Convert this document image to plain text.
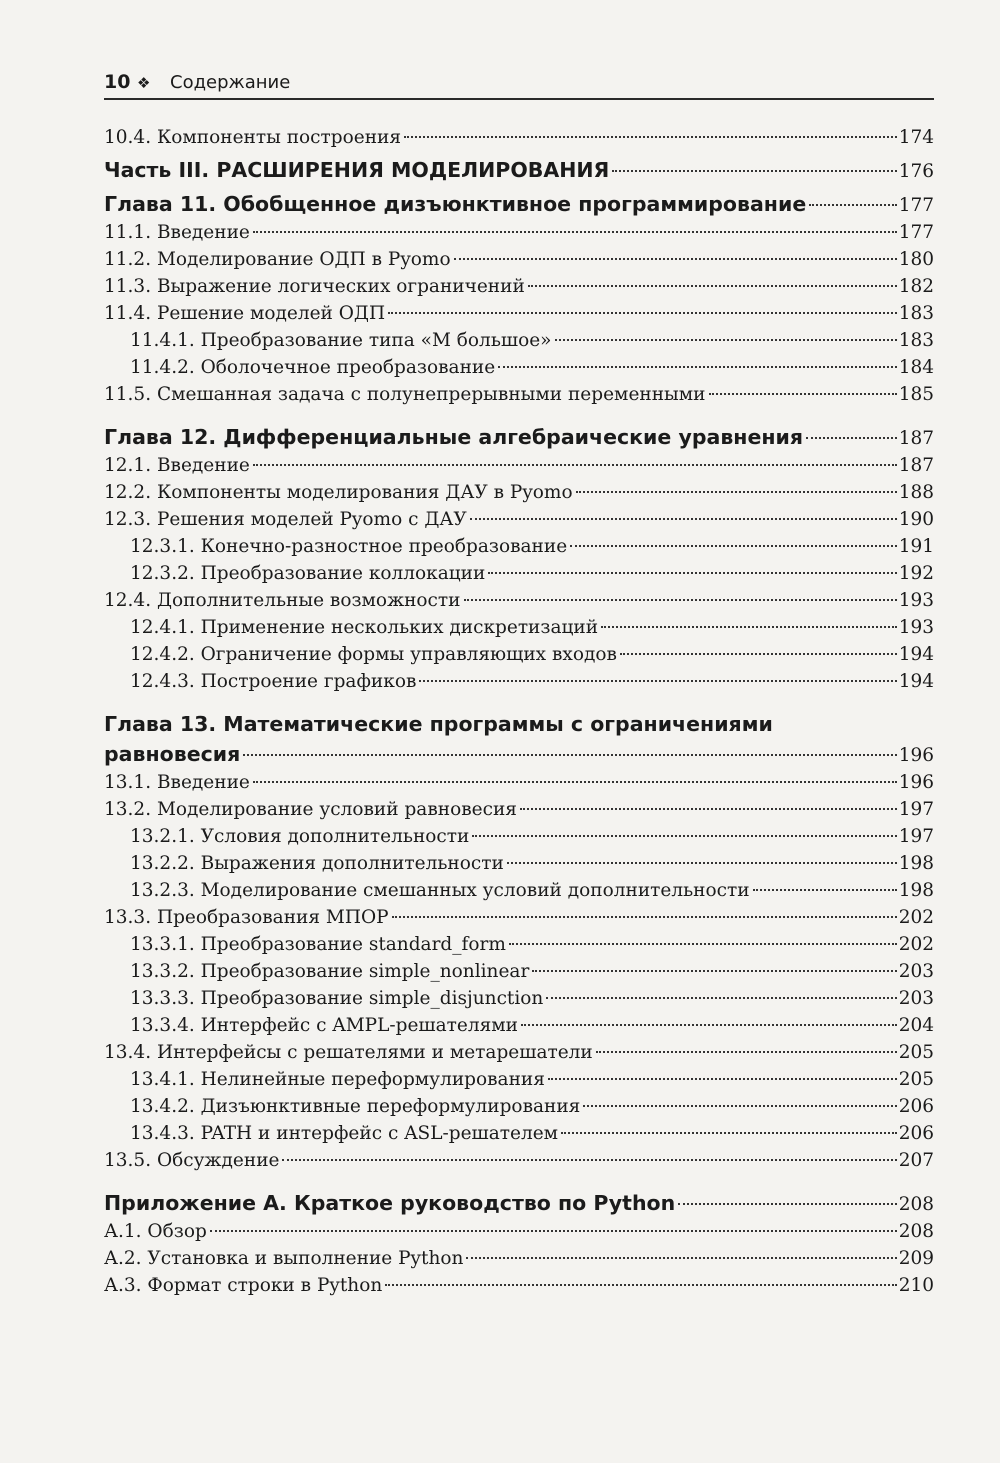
10 ❖ Содержание
10.4. Компоненты построения	174
Часть III. РАСШИРЕНИЯ МОДЕЛИРОВАНИЯ	176
Глава 11. Обобщенное дизъюнктивное программирование	177
11.1. Введение	177
11.2. Моделирование ОДП в Pyomo	180
11.3. Выражение логических ограничений	182
11.4. Решение моделей ОДП	183
11.4.1. Преобразование типа «М большое»	183
11.4.2. Оболочечное преобразование	184
11.5. Смешанная задача с полунепрерывными переменными	185
Глава 12. Дифференциальные алгебраические уравнения	187
12.1. Введение	187
12.2. Компоненты моделирования ДАУ в Pyomo	188
12.3. Решения моделей Pyomo с ДАУ	190
12.3.1. Конечно-разностное преобразование	191
12.3.2. Преобразование коллокации	192
12.4. Дополнительные возможности	193
12.4.1. Применение нескольких дискретизаций	193
12.4.2. Ограничение формы управляющих входов	194
12.4.3. Построение графиков	194
Глава 13. Математические программы с ограничениями
равновесия	196
13.1. Введение	196
13.2. Моделирование условий равновесия	197
13.2.1. Условия дополнительности	197
13.2.2. Выражения дополнительности	198
13.2.3. Моделирование смешанных условий дополнительности	198
13.3. Преобразования МПОР	202
13.3.1. Преобразование standard_form	202
13.3.2. Преобразование simple_nonlinear	203
13.3.3. Преобразование simple_disjunction	203
13.3.4. Интерфейс с AMPL-решателями	204
13.4. Интерфейсы с решателями и метарешатели	205
13.4.1. Нелинейные переформулирования	205
13.4.2. Дизъюнктивные переформулирования	206
13.4.3. PATH и интерфейс с ASL-решателем	206
13.5. Обсуждение	207
Приложение А. Краткое руководство по Python	208
А.1. Обзор	208
А.2. Установка и выполнение Python	209
А.3. Формат строки в Python	210
